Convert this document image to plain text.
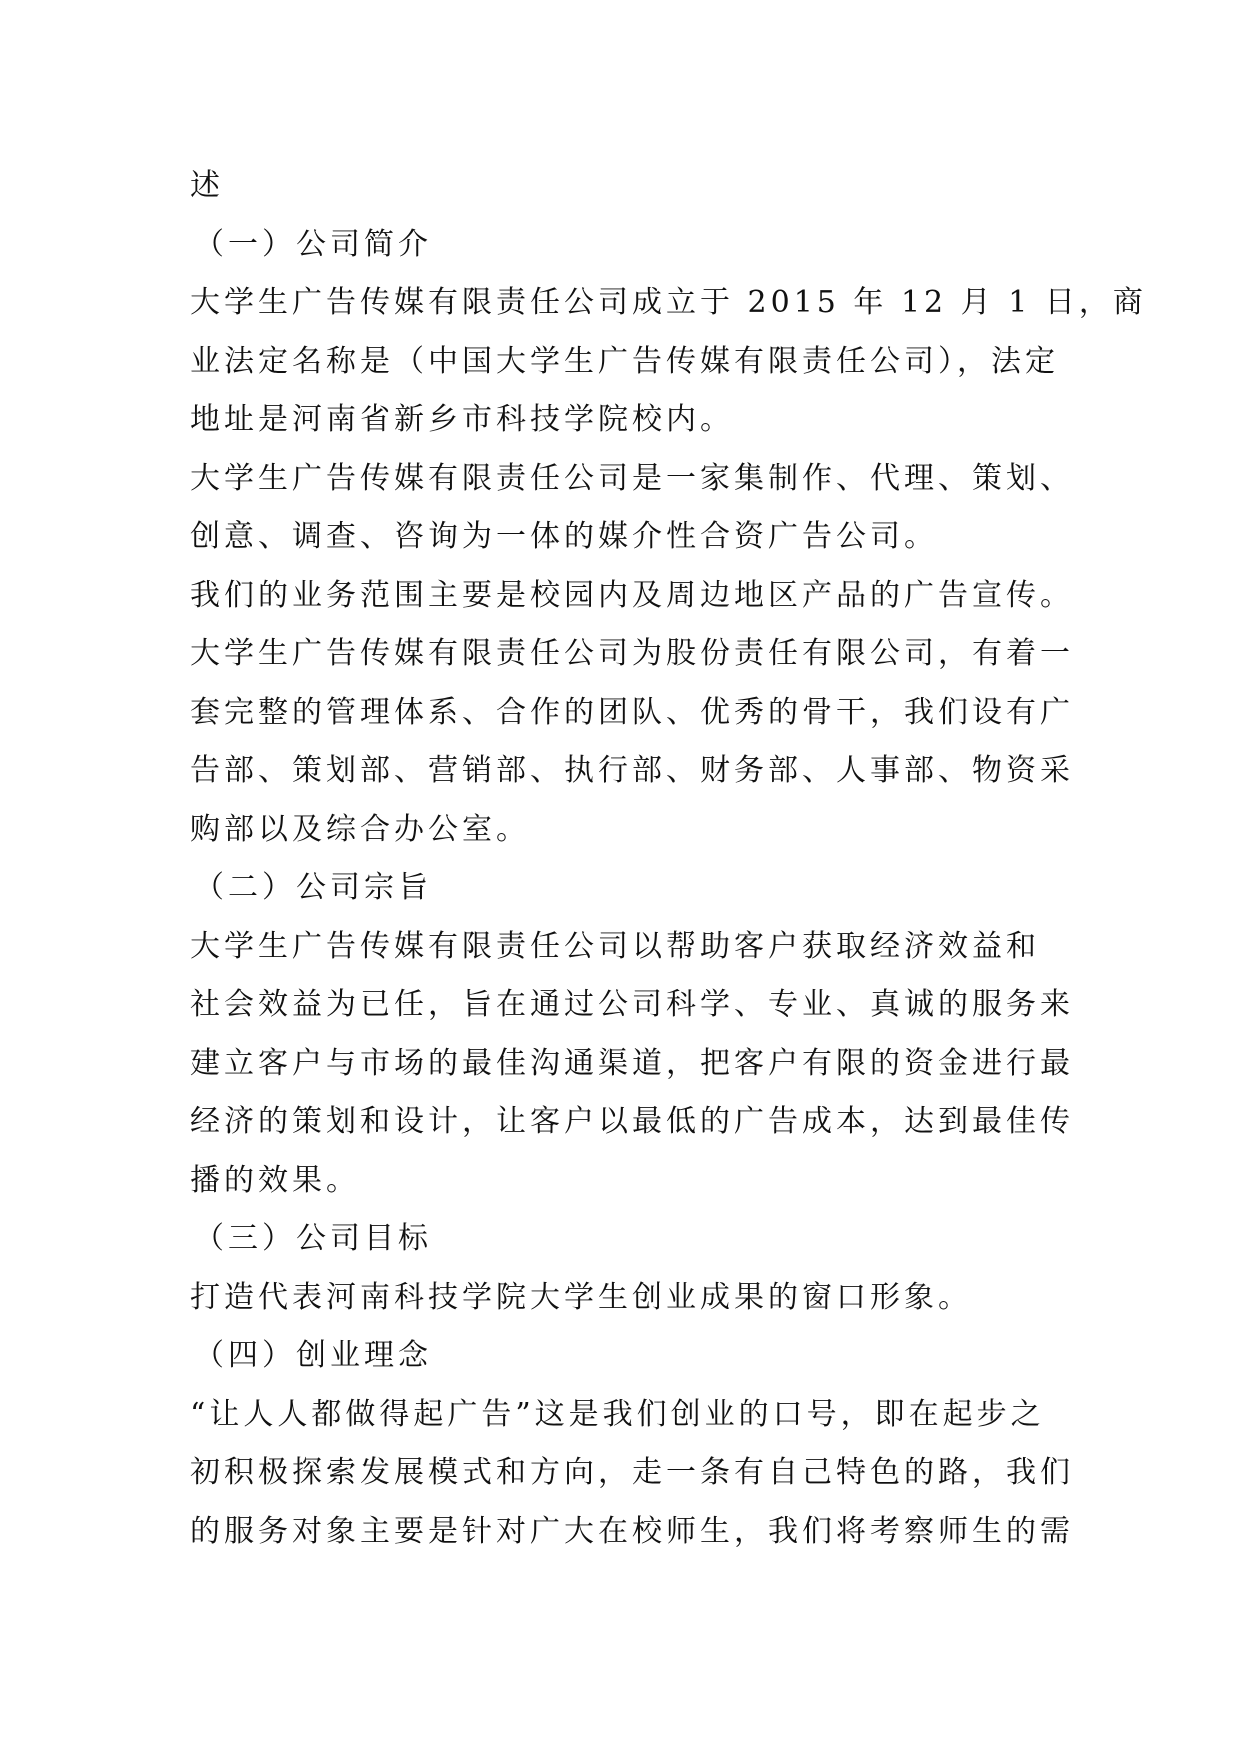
述
（一）公司简介
大学生广告传媒有限责任公司成立于 2015 年 12 月 1 日，商
业法定名称是（中国大学生广告传媒有限责任公司），法定
地址是河南省新乡市科技学院校内。
大学生广告传媒有限责任公司是一家集制作、代理、策划、
创意、调查、咨询为一体的媒介性合资广告公司。
我们的业务范围主要是校园内及周边地区产品的广告宣传。
大学生广告传媒有限责任公司为股份责任有限公司，有着一
套完整的管理体系、合作的团队、优秀的骨干，我们设有广
告部、策划部、营销部、执行部、财务部、人事部、物资采
购部以及综合办公室。
（二）公司宗旨
大学生广告传媒有限责任公司以帮助客户获取经济效益和
社会效益为已任，旨在通过公司科学、专业、真诚的服务来
建立客户与市场的最佳沟通渠道，把客户有限的资金进行最
经济的策划和设计，让客户以最低的广告成本，达到最佳传
播的效果。
（三）公司目标
打造代表河南科技学院大学生创业成果的窗口形象。
（四）创业理念
“让人人都做得起广告”这是我们创业的口号，即在起步之
初积极探索发展模式和方向，走一条有自己特色的路，我们
的服务对象主要是针对广大在校师生，我们将考察师生的需
